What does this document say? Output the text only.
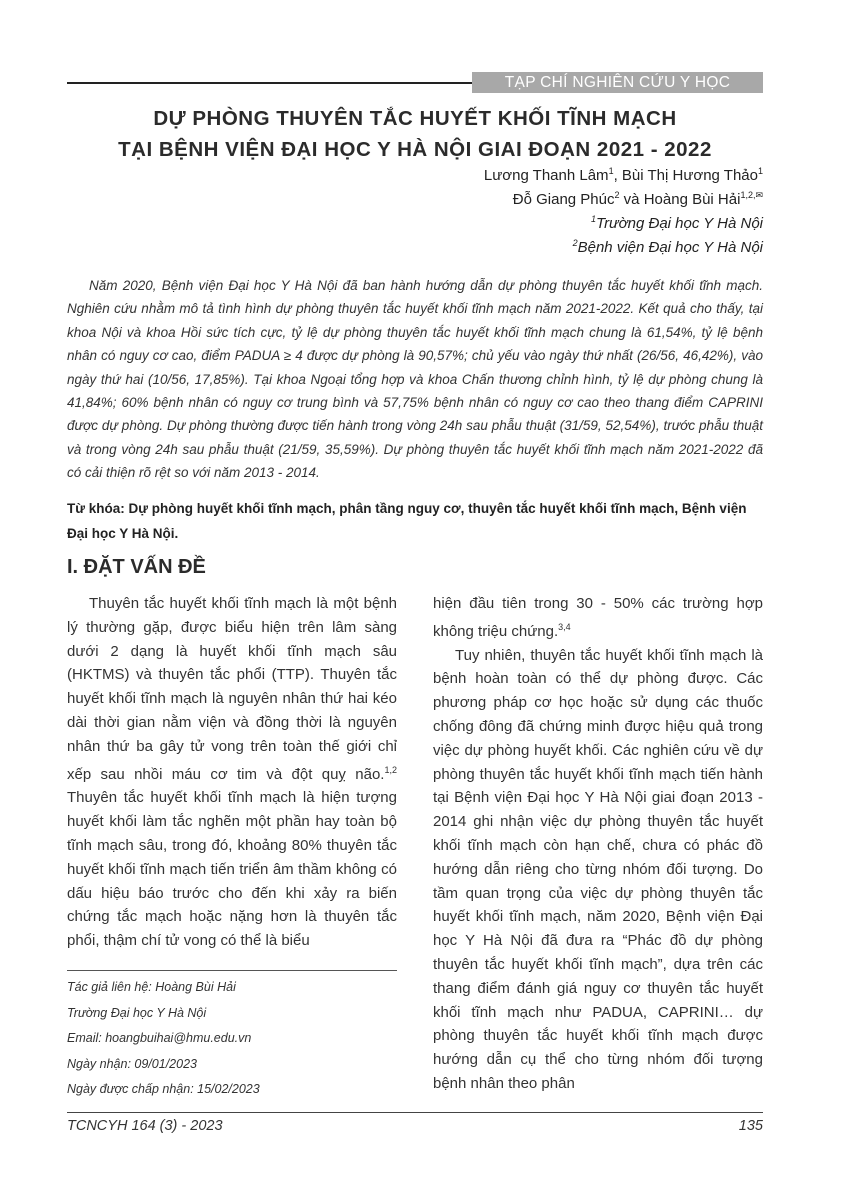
TẠP CHÍ NGHIÊN CỨU Y HỌC
DỰ PHÒNG THUYÊN TẮC HUYẾT KHỐI TĨNH MẠCH
TẠI BỆNH VIỆN ĐẠI HỌC Y HÀ NỘI GIAI ĐOẠN 2021 - 2022
Lương Thanh Lâm$^1$, Bùi Thị Hương Thảo$^1$
Đỗ Giang Phúc$^2$ và Hoàng Bùi Hải$^{1,2,✉}$
$^1$Trường Đại học Y Hà Nội
$^2$Bệnh viện Đại học Y Hà Nội
Năm 2020, Bệnh viện Đại học Y Hà Nội đã ban hành hướng dẫn dự phòng thuyên tắc huyết khối tĩnh mạch. Nghiên cứu nhằm mô tả tình hình dự phòng thuyên tắc huyết khối tĩnh mạch năm 2021-2022. Kết quả cho thấy, tại khoa Nội và khoa Hồi sức tích cực, tỷ lệ dự phòng thuyên tắc huyết khối tĩnh mạch chung là 61,54%, tỷ lệ bệnh nhân có nguy cơ cao, điểm PADUA ≥ 4 được dự phòng là 90,57%; chủ yếu vào ngày thứ nhất (26/56, 46,42%), vào ngày thứ hai (10/56, 17,85%). Tại khoa Ngoại tổng hợp và khoa Chấn thương chỉnh hình, tỷ lệ dự phòng chung là 41,84%; 60% bệnh nhân có nguy cơ trung bình và 57,75% bệnh nhân có nguy cơ cao theo thang điểm CAPRINI được dự phòng. Dự phòng thường được tiến hành trong vòng 24h sau phẫu thuật (31/59, 52,54%), trước phẫu thuật và trong vòng 24h sau phẫu thuật (21/59, 35,59%). Dự phòng thuyên tắc huyết khối tĩnh mạch năm 2021-2022 đã có cải thiện rõ rệt so với năm 2013 - 2014.
Từ khóa: Dự phòng huyết khối tĩnh mạch, phân tầng nguy cơ, thuyên tắc huyết khối tĩnh mạch, Bệnh viện Đại học Y Hà Nội.
I. ĐẶT VẤN ĐỀ

Thuyên tắc huyết khối tĩnh mạch là một bệnh lý thường gặp, được biểu hiện trên lâm sàng dưới 2 dạng là huyết khối tĩnh mạch sâu (HKTMS) và thuyên tắc phổi (TTP). Thuyên tắc huyết khối tĩnh mạch là nguyên nhân thứ hai kéo dài thời gian nằm viện và đồng thời là nguyên nhân thứ ba gây tử vong trên toàn thế giới chỉ xếp sau nhồi máu cơ tim và đột quỵ não.$^{1,2}$ Thuyên tắc huyết khối tĩnh mạch là hiện tượng huyết khối làm tắc nghẽn một phần hay toàn bộ tĩnh mạch sâu, trong đó, khoảng 80% thuyên tắc huyết khối tĩnh mạch tiến triển âm thầm không có dấu hiệu báo trước cho đến khi xảy ra biến chứng tắc mạch hoặc nặng hơn là thuyên tắc phổi, thậm chí tử vong có thể là biểu

hiện đầu tiên trong 30 - 50% các trường hợp không triệu chứng.$^{3,4}$

Tuy nhiên, thuyên tắc huyết khối tĩnh mạch là bệnh hoàn toàn có thể dự phòng được. Các phương pháp cơ học hoặc sử dụng các thuốc chống đông đã chứng minh được hiệu quả trong việc dự phòng huyết khối. Các nghiên cứu về dự phòng thuyên tắc huyết khối tĩnh mạch tiến hành tại Bệnh viện Đại học Y Hà Nội giai đoạn 2013 - 2014 ghi nhận việc dự phòng thuyên tắc huyết khối tĩnh mạch còn hạn chế, chưa có phác đồ hướng dẫn riêng cho từng nhóm đối tượng. Do tầm quan trọng của việc dự phòng thuyên tắc huyết khối tĩnh mạch, năm 2020, Bệnh viện Đại học Y Hà Nội đã đưa ra “Phác đồ dự phòng thuyên tắc huyết khối tĩnh mạch”, dựa trên các thang điểm đánh giá nguy cơ thuyên tắc huyết khối tĩnh mạch như PADUA, CAPRINI… dự phòng thuyên tắc huyết khối tĩnh mạch được hướng dẫn cụ thể cho từng nhóm đối tượng bệnh nhân theo phân

Tác giả liên hệ: Hoàng Bùi Hải
Trường Đại học Y Hà Nội
Email: hoangbuihai@hmu.edu.vn
Ngày nhận: 09/01/2023
Ngày được chấp nhận: 15/02/2023
TCNCYH 164 (3) - 2023	135
